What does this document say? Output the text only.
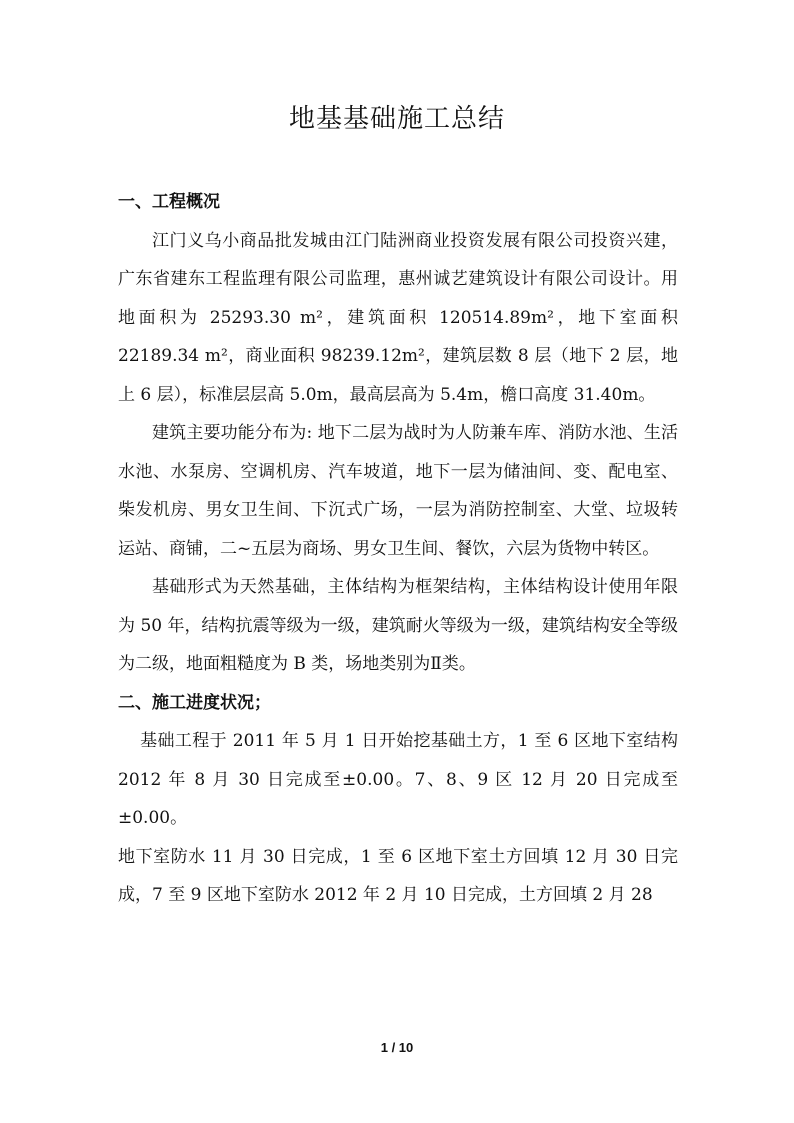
地基基础施工总结

一、工程概况

江门义乌小商品批发城由江门陆洲商业投资发展有限公司投资兴建，广东省建东工程监理有限公司监理，惠州诚艺建筑设计有限公司设计。用地面积为 25293.30 m²，建筑面积 120514.89m²，地下室面积 22189.34 m²，商业面积 98239.12m²，建筑层数 8 层（地下 2 层，地上 6 层），标准层层高 5.0m，最高层高为 5.4m，檐口高度 31.40m。

建筑主要功能分布为: 地下二层为战时为人防兼车库、消防水池、生活水池、水泵房、空调机房、汽车坡道，地下一层为储油间、变、配电室、柴发机房、男女卫生间、下沉式广场，一层为消防控制室、大堂、垃圾转运站、商铺，二~五层为商场、男女卫生间、餐饮，六层为货物中转区。

基础形式为天然基础，主体结构为框架结构，主体结构设计使用年限为 50 年，结构抗震等级为一级，建筑耐火等级为一级，建筑结构安全等级为二级，地面粗糙度为 B 类，场地类别为Ⅱ类。

二、施工进度状况；

基础工程于 2011 年 5 月 1 日开始挖基础土方，1 至 6 区地下室结构 2012 年 8 月 30 日完成至±0.00。7、8、9 区 12 月 20 日完成至±0.00。

地下室防水 11 月 30 日完成，1 至 6 区地下室土方回填 12 月 30 日完成，7 至 9 区地下室防水 2012 年 2 月 10 日完成，土方回填 2 月 28

1 / 10
